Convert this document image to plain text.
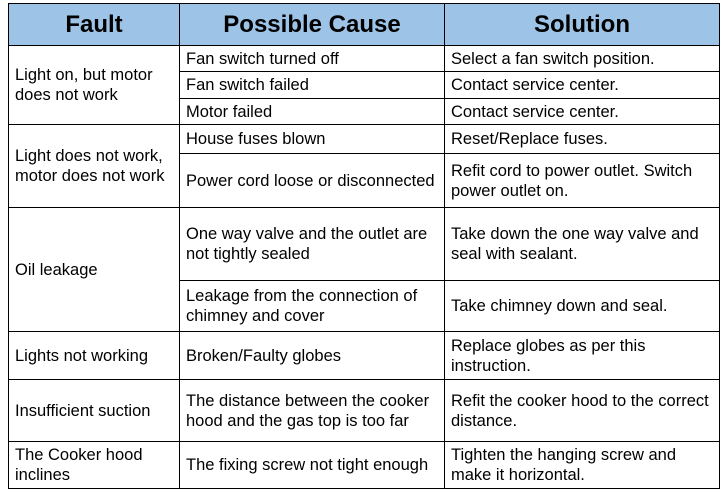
Fault	Possible Cause	Solution
Light on, but motor does not work	Fan switch turned off	Select a fan switch position.
	Fan switch failed	Contact service center.
	Motor failed	Contact service center.
Light does not work, motor does not work	House fuses blown	Reset/Replace fuses.
	Power cord loose or disconnected	Refit cord to power outlet. Switch power outlet on.
Oil leakage	One way valve and the outlet are not tightly sealed	Take down the one way valve and seal with sealant.
	Leakage from the connection of chimney and cover	Take chimney down and seal.
Lights not working	Broken/Faulty globes	Replace globes as per this instruction.
Insufficient suction	The distance between the cooker hood and the gas top is too far	Refit the cooker hood to the correct distance.
The Cooker hood inclines	The fixing screw not tight enough	Tighten the hanging screw and make it horizontal.
